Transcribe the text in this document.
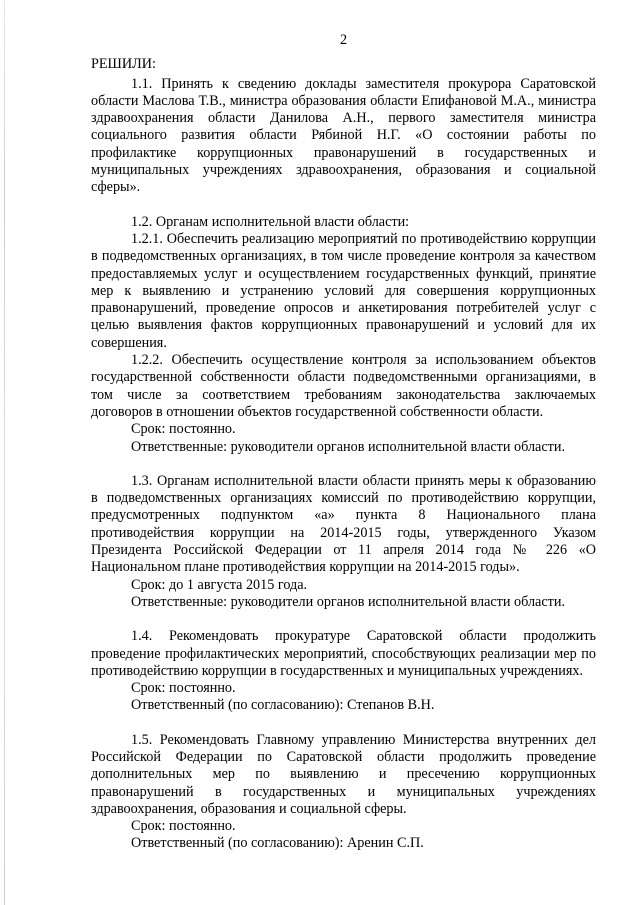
2
РЕШИЛИ:

1.1. Принять к сведению доклады заместителя прокурора Саратовской области Маслова Т.В., министра образования области Епифановой М.А., министра здравоохранения области Данилова А.Н., первого заместителя министра социального развития области Рябиной Н.Г. «О состоянии работы по профилактике коррупционных правонарушений в государственных и муниципальных учреждениях здравоохранения, образования и социальной сферы».

1.2. Органам исполнительной власти области:

1.2.1. Обеспечить реализацию мероприятий по противодействию коррупции в подведомственных организациях, в том числе проведение контроля за качеством предоставляемых услуг и осуществлением государственных функций, принятие мер к выявлению и устранению условий для совершения коррупционных правонарушений, проведение опросов и анкетирования потребителей услуг с целью выявления фактов коррупционных правонарушений и условий для их совершения.

1.2.2. Обеспечить осуществление контроля за использованием объектов государственной собственности области подведомственными организациями, в том числе за соответствием требованиям законодательства заключаемых договоров в отношении объектов государственной собственности области.

Срок: постоянно.

Ответственные: руководители органов исполнительной власти области.

1.3. Органам исполнительной власти области принять меры к образованию в подведомственных организациях комиссий по противодействию коррупции, предусмотренных подпунктом «а» пункта 8 Национального плана противодействия коррупции на 2014-2015 годы, утвержденного Указом Президента Российской Федерации от 11 апреля 2014 года № 226 «О Национальном плане противодействия коррупции на 2014-2015 годы».

Срок: до 1 августа 2015 года.

Ответственные: руководители органов исполнительной власти области.

1.4. Рекомендовать прокуратуре Саратовской области продолжить проведение профилактических мероприятий, способствующих реализации мер по противодействию коррупции в государственных и муниципальных учреждениях.

Срок: постоянно.

Ответственный (по согласованию): Степанов В.Н.

1.5. Рекомендовать Главному управлению Министерства внутренних дел Российской Федерации по Саратовской области продолжить проведение дополнительных мер по выявлению и пресечению коррупционных правонарушений в государственных и муниципальных учреждениях здравоохранения, образования и социальной сферы.

Срок: постоянно.

Ответственный (по согласованию): Аренин С.П.
